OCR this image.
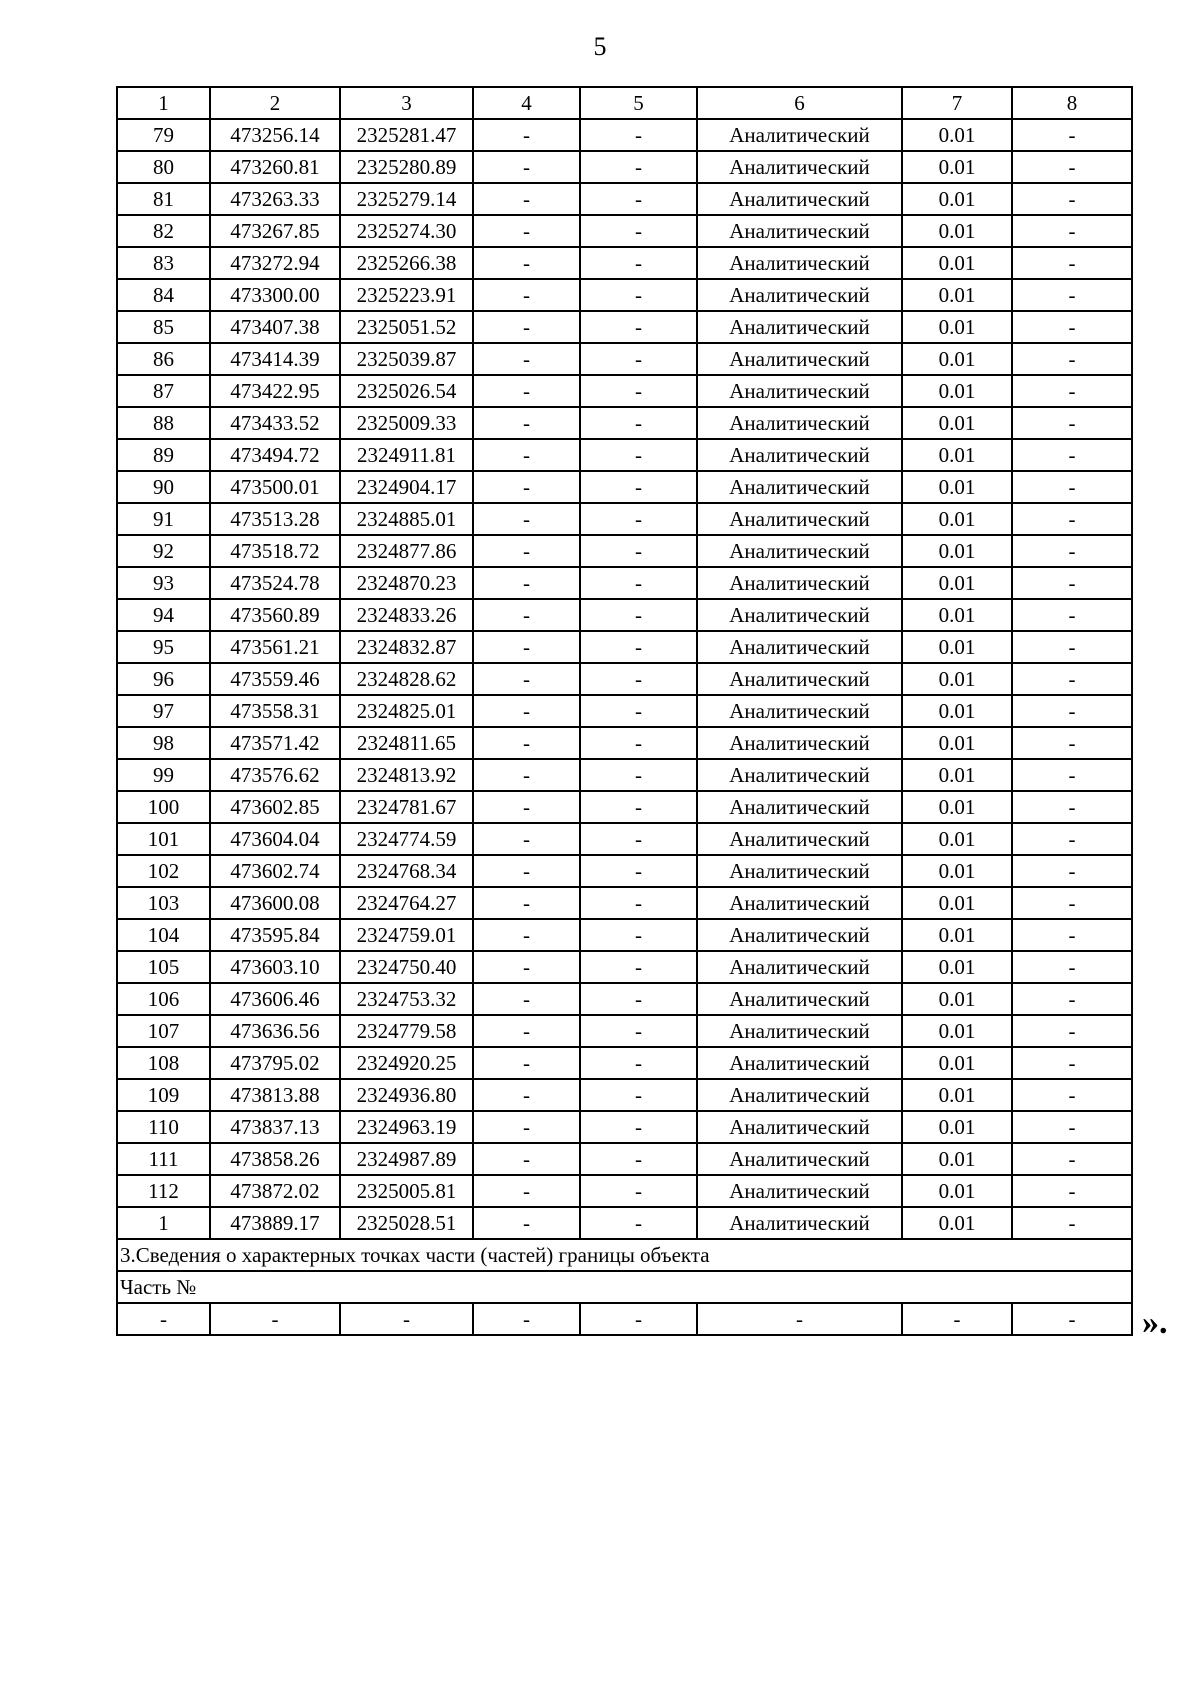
5
1	2	3	4	5	6	7	8
79	473256.14	2325281.47	-	-	Аналитический	0.01	-
80	473260.81	2325280.89	-	-	Аналитический	0.01	-
81	473263.33	2325279.14	-	-	Аналитический	0.01	-
82	473267.85	2325274.30	-	-	Аналитический	0.01	-
83	473272.94	2325266.38	-	-	Аналитический	0.01	-
84	473300.00	2325223.91	-	-	Аналитический	0.01	-
85	473407.38	2325051.52	-	-	Аналитический	0.01	-
86	473414.39	2325039.87	-	-	Аналитический	0.01	-
87	473422.95	2325026.54	-	-	Аналитический	0.01	-
88	473433.52	2325009.33	-	-	Аналитический	0.01	-
89	473494.72	2324911.81	-	-	Аналитический	0.01	-
90	473500.01	2324904.17	-	-	Аналитический	0.01	-
91	473513.28	2324885.01	-	-	Аналитический	0.01	-
92	473518.72	2324877.86	-	-	Аналитический	0.01	-
93	473524.78	2324870.23	-	-	Аналитический	0.01	-
94	473560.89	2324833.26	-	-	Аналитический	0.01	-
95	473561.21	2324832.87	-	-	Аналитический	0.01	-
96	473559.46	2324828.62	-	-	Аналитический	0.01	-
97	473558.31	2324825.01	-	-	Аналитический	0.01	-
98	473571.42	2324811.65	-	-	Аналитический	0.01	-
99	473576.62	2324813.92	-	-	Аналитический	0.01	-
100	473602.85	2324781.67	-	-	Аналитический	0.01	-
101	473604.04	2324774.59	-	-	Аналитический	0.01	-
102	473602.74	2324768.34	-	-	Аналитический	0.01	-
103	473600.08	2324764.27	-	-	Аналитический	0.01	-
104	473595.84	2324759.01	-	-	Аналитический	0.01	-
105	473603.10	2324750.40	-	-	Аналитический	0.01	-
106	473606.46	2324753.32	-	-	Аналитический	0.01	-
107	473636.56	2324779.58	-	-	Аналитический	0.01	-
108	473795.02	2324920.25	-	-	Аналитический	0.01	-
109	473813.88	2324936.80	-	-	Аналитический	0.01	-
110	473837.13	2324963.19	-	-	Аналитический	0.01	-
111	473858.26	2324987.89	-	-	Аналитический	0.01	-
112	473872.02	2325005.81	-	-	Аналитический	0.01	-
1	473889.17	2325028.51	-	-	Аналитический	0.01	-
3.Сведения о характерных точках части (частей) границы объекта							
Часть №							
-	-	-	-	-	-	-	- ».
